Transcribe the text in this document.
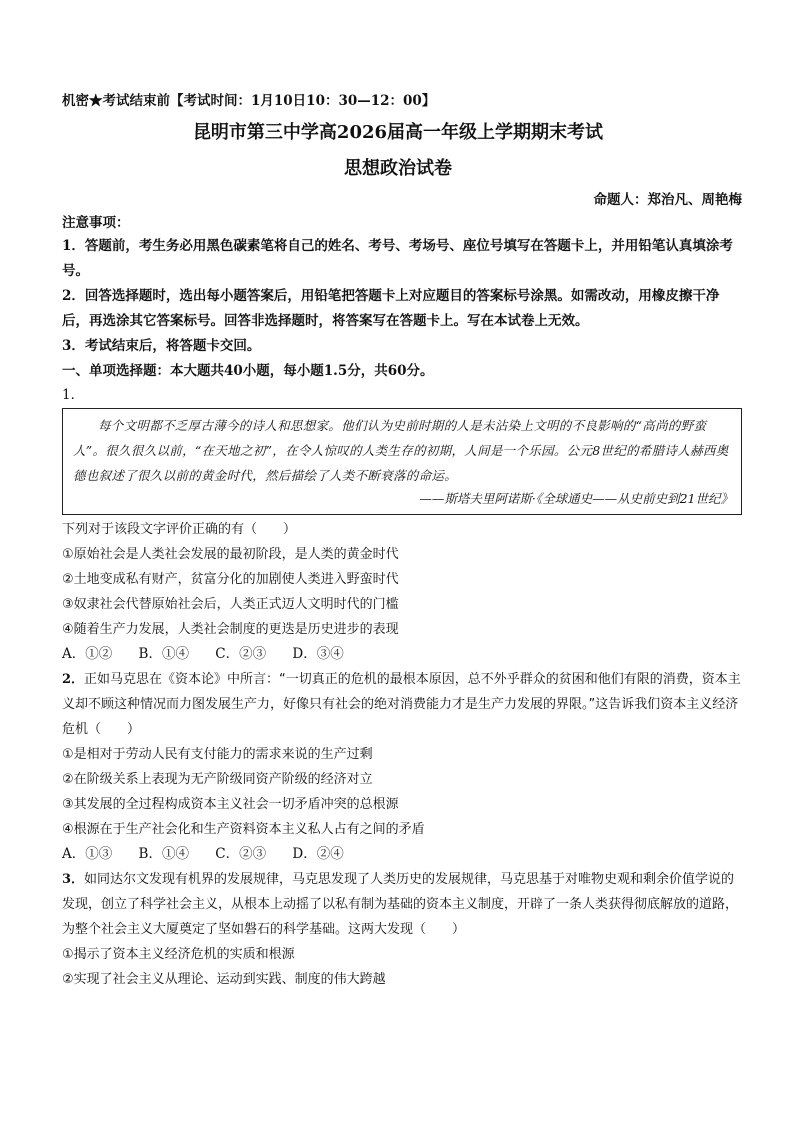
机密★考试结束前【考试时间：1月10日10：30—12：00】
昆明市第三中学高2026届高一年级上学期期末考试
思想政治试卷
命题人：郑治凡、周艳梅
注意事项：
1．答题前，考生务必用黑色碳素笔将自己的姓名、考号、考场号、座位号填写在答题卡上，并用铅笔认真填涂考号。
2．回答选择题时，选出每小题答案后，用铅笔把答题卡上对应题目的答案标号涂黑。如需改动，用橡皮擦干净后，再选涂其它答案标号。回答非选择题时，将答案写在答题卡上。写在本试卷上无效。
3．考试结束后，将答题卡交回。
一、单项选择题：本大题共40小题，每小题1.5分，共60分。
1．
每个文明都不乏厚古薄今的诗人和思想家。他们认为史前时期的人是未沾染上文明的不良影响的“高尚的野蛮人”。很久很久以前，“在天地之初”，在令人惊叹的人类生存的初期，人间是一个乐园。公元8世纪的希腊诗人赫西奥德也叙述了很久以前的黄金时代，然后描绘了人类不断衰落的命运。
——斯塔夫里阿诺斯·《全球通史——从史前史到21世纪》
下列对于该段文字评价正确的有（　　）
①原始社会是人类社会发展的最初阶段，是人类的黄金时代
②土地变成私有财产，贫富分化的加剧使人类进入野蛮时代
③奴隶社会代替原始社会后，人类正式迈人文明时代的门槛
④随着生产力发展，人类社会制度的更迭是历史进步的表现
A．①② B．①④ C．②③ D．③④
2．正如马克思在《资本论》中所言：“一切真正的危机的最根本原因，总不外乎群众的贫困和他们有限的消费，资本主义却不顾这种情况而力图发展生产力，好像只有社会的绝对消费能力才是生产力发展的界限。”这告诉我们资本主义经济危机（　　）
①是相对于劳动人民有支付能力的需求来说的生产过剩
②在阶级关系上表现为无产阶级同资产阶级的经济对立
③其发展的全过程构成资本主义社会一切矛盾冲突的总根源
④根源在于生产社会化和生产资料资本主义私人占有之间的矛盾
A．①③ B．①④ C．②③ D．②④
3．如同达尔文发现有机界的发展规律，马克思发现了人类历史的发展规律，马克思基于对唯物史观和剩余价值学说的发现，创立了科学社会主义，从根本上动摇了以私有制为基础的资本主义制度，开辟了一条人类获得彻底解放的道路，为整个社会主义大厦奠定了坚如磐石的科学基础。这两大发现（　　）
①揭示了资本主义经济危机的实质和根源
②实现了社会主义从理论、运动到实践、制度的伟大跨越
